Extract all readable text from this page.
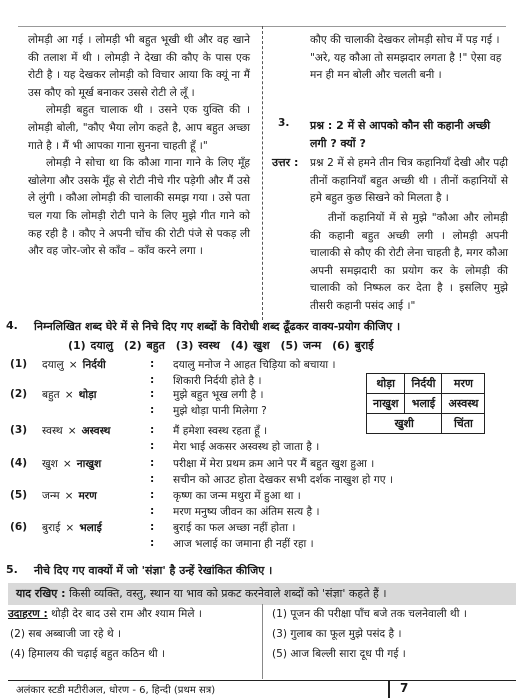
लोमड़ी आ गई । लोमड़ी भी बहुत भूखी थी और वह खाने की तलाश में थी । लोमड़ी ने देखा की कौए के पास एक रोटी है । यह देखकर लोमड़ी को विचार आया कि क्यूं ना मैं उस कौए को मूर्ख बनाकर उससे रोटी ले लूँ ।

लोमड़ी बहुत चालाक थी । उसने एक युक्ति की । लोमड़ी बोली, "कौए भैया लोग कहते है, आप बहुत अच्छा गाते है । मैं भी आपका गाना सुनना चाहती हूँ ।"

लोमड़ी ने सोचा था कि कौआ गाना गाने के लिए मूँह खोलेगा और उसके मूँह से रोटी नीचे गीर पड़ेगी और मैं उसे ले लुंगी । कौआ लोमड़ी की चालाकी समझ गया । उसे पता चल गया कि लोमड़ी रोटी पाने के लिए मुझे गीत गाने को कह रही है । कौए ने अपनी चोंच की रोटी पंजे से पकड़ ली और वह जोर-जोर से काँव – काँव करने लगा ।

कौए की चालाकी देखकर लोमड़ी सोच में पड़ गई । "अरे, यह कौआ तो समझदार लगता है !" ऐसा वह मन ही मन बोली और चलती बनी ।
3. प्रश्न : 2 में से आपको कौन सी कहानी अच्छी लगी ? क्यों ?
उत्तर : प्रश्न 2 में से हमने तीन चित्र कहानियाँ देखी और पढ़ी तीनों कहानियाँ बहुत अच्छी थी । तीनों कहानियों से हमे बहुत कुछ सिखने को मिलता है ।
तीनों कहानियों में से मुझे "कौआ और लोमड़ी की कहानी बहुत अच्छी लगी । लोमड़ी अपनी चालाकी से कौए की रोटी लेना चाहती है, मगर कौआ अपनी समझदारी का प्रयोग कर के लोमड़ी की चालाकी को निष्फल कर देता है । इसलिए मुझे तीसरी कहानी पसंद आई ।"
4. निम्नलिखित शब्द घेरे में से निचे दिए गए शब्दों के विरोधी शब्द ढूँढकर वाक्य-प्रयोग कीजिए ।
(1) दयालु (2) बहुत (3) स्वस्थ (4) खुश (5) जन्म (6) बुराई
(1) दयालु × निर्दयी	:
:
दयालु मनोज ने आहत चिड़िया को बचाया ।
शिकारी निर्दयी होते है ।
(2) बहुत × थोड़ा	:
:
मुझे बहुत भूख लगी है ।
मुझे थोड़ा पानी मिलेगा ?
(3) स्वस्थ × अस्वस्थ	:
:
मैं हमेशा स्वस्थ रहता हूँ ।
मेरा भाई अकसर अस्वस्थ हो जाता है ।
(4) खुश × नाखुश	:
:
परीक्षा में मेरा प्रथम क्रम आने पर मैं बहुत खुश हुआ ।
सचीन को आउट होता देखकर सभी दर्शक नाखुश हो गए ।
(5) जन्म × मरण	:
:
कृष्ण का जन्म मथुरा में हुआ था ।
मरण मनुष्य जीवन का अंतिम सत्य है ।
(6) बुराई × भलाई	:
:
बुराई का फल अच्छा नहीं होता ।
आज भलाई का जमाना ही नहीं रहा ।
थोड़ा	निर्दयी	मरण
नाखुश	भलाई	अस्वस्थ
खुशी		चिंता
5. नीचे दिए गए वाक्यों में जो 'संज्ञा' है उन्हें रेखांकित कीजिए ।
याद रखिए : किसी व्यक्ति, वस्तु, स्थान या भाव को प्रकट करनेवाले शब्दों को 'संज्ञा' कहते हैं ।
उदाहरण : थोड़ी देर बाद उसे राम और श्याम मिले ।
(2) सब अब्बाजी जा रहे थे ।
(4) हिमालय की चढ़ाई बहुत कठिन थी ।
(1) पूजन की परीक्षा पाँच बजे तक चलनेवाली थी ।
(3) गुलाब का फूल मुझे पसंद है ।
(5) आज बिल्ली सारा दूध पी गई ।
अलंकार स्टडी मटीरीअल, धोरण - 6, हिन्दी (प्रथम सत्र)	7
